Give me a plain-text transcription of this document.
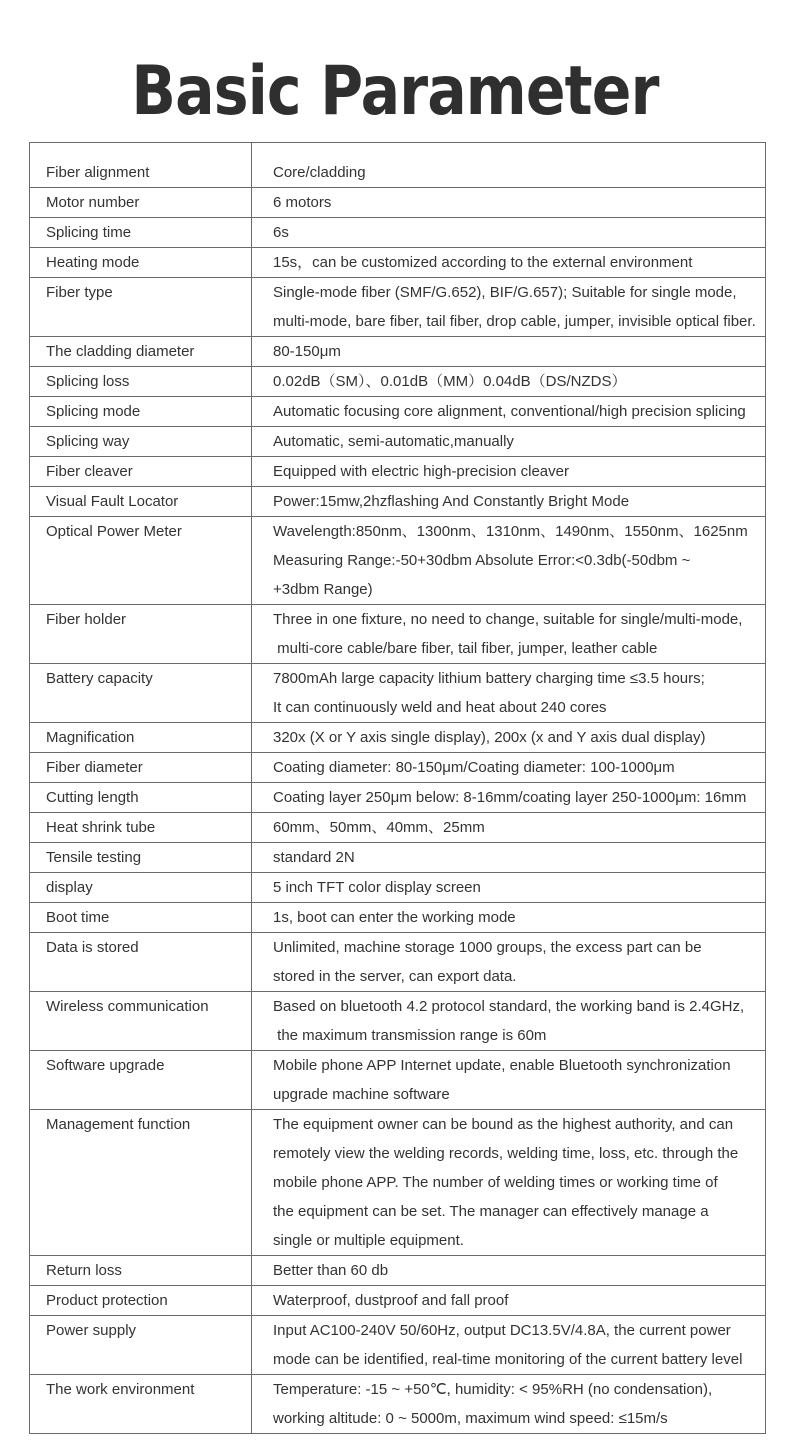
Basic Parameter
Fiber alignment	Core/cladding

Motor number	6 motors

Splicing time	6s

Heating mode	15s，can be customized according to the external environment

Fiber type	Single-mode fiber (SMF/G.652), BIF/G.657); Suitable for single mode,
multi-mode, bare fiber, tail fiber, drop cable, jumper, invisible optical fiber.

The cladding diameter	80-150μm

Splicing loss	0.02dB（SM）、0.01dB（MM）0.04dB（DS/NZDS）

Splicing mode	Automatic focusing core alignment, conventional/high precision splicing

Splicing way	Automatic, semi-automatic,manually

Fiber cleaver	Equipped with electric high-precision cleaver

Visual Fault Locator	Power:15mw,2hzflashing And Constantly Bright Mode

Optical Power Meter	Wavelength:850nm、1300nm、1310nm、1490nm、1550nm、1625nm
Measuring Range:-50+30dbm Absolute Error:<0.3db(-50dbm ~
+3dbm Range)

Fiber holder	Three in one fixture, no need to change, suitable for single/multi-mode,
multi-core cable/bare fiber, tail fiber, jumper, leather cable

Battery capacity	7800mAh large capacity lithium battery charging time ≤3.5 hours;
It can continuously weld and heat about 240 cores

Magnification	320x (X or Y axis single display), 200x (x and Y axis dual display)

Fiber diameter	Coating diameter: 80-150μm/Coating diameter: 100-1000μm

Cutting length	Coating layer 250μm below: 8-16mm/coating layer 250-1000μm: 16mm

Heat shrink tube	60mm、50mm、40mm、25mm

Tensile testing	standard 2N

display	5 inch TFT color display screen

Boot time	1s, boot can enter the working mode

Data is stored	Unlimited, machine storage 1000 groups, the excess part can be
stored in the server, can export data.

Wireless communication	Based on bluetooth 4.2 protocol standard, the working band is 2.4GHz,
the maximum transmission range is 60m

Software upgrade	Mobile phone APP Internet update, enable Bluetooth synchronization
upgrade machine software

Management function	The equipment owner can be bound as the highest authority, and can
remotely view the welding records, welding time, loss, etc. through the
mobile phone APP. The number of welding times or working time of
the equipment can be set. The manager can effectively manage a
single or multiple equipment.

Return loss	Better than 60 db

Product protection	Waterproof, dustproof and fall proof

Power supply	Input AC100-240V 50/60Hz, output DC13.5V/4.8A, the current power
mode can be identified, real-time monitoring of the current battery level

The work environment	Temperature: -15 ~ +50℃, humidity: < 95%RH (no condensation),
working altitude: 0 ~ 5000m, maximum wind speed: ≤15m/s
